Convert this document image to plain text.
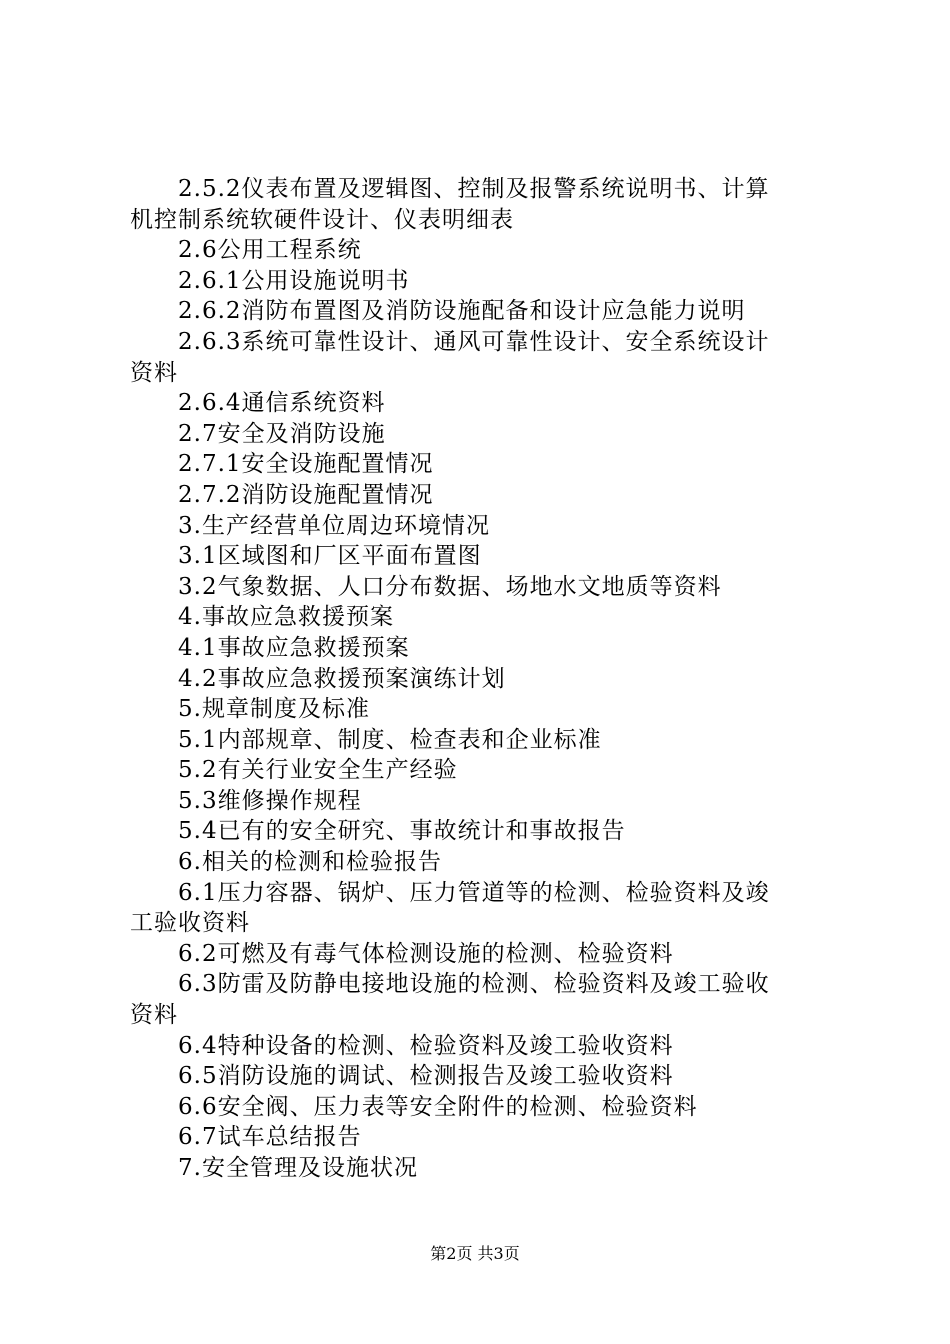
2.5.2仪表布置及逻辑图、控制及报警系统说明书、计算
机控制系统软硬件设计、仪表明细表
2.6公用工程系统
2.6.1公用设施说明书
2.6.2消防布置图及消防设施配备和设计应急能力说明
2.6.3系统可靠性设计、通风可靠性设计、安全系统设计
资料
2.6.4通信系统资料
2.7安全及消防设施
2.7.1安全设施配置情况
2.7.2消防设施配置情况
3.生产经营单位周边环境情况
3.1区域图和厂区平面布置图
3.2气象数据、人口分布数据、场地水文地质等资料
4.事故应急救援预案
4.1事故应急救援预案
4.2事故应急救援预案演练计划
5.规章制度及标准
5.1内部规章、制度、检查表和企业标准
5.2有关行业安全生产经验
5.3维修操作规程
5.4已有的安全研究、事故统计和事故报告
6.相关的检测和检验报告
6.1压力容器、锅炉、压力管道等的检测、检验资料及竣
工验收资料
6.2可燃及有毒气体检测设施的检测、检验资料
6.3防雷及防静电接地设施的检测、检验资料及竣工验收
资料
6.4特种设备的检测、检验资料及竣工验收资料
6.5消防设施的调试、检测报告及竣工验收资料
6.6安全阀、压力表等安全附件的检测、检验资料
6.7试车总结报告
7.安全管理及设施状况
第2页 共3页
